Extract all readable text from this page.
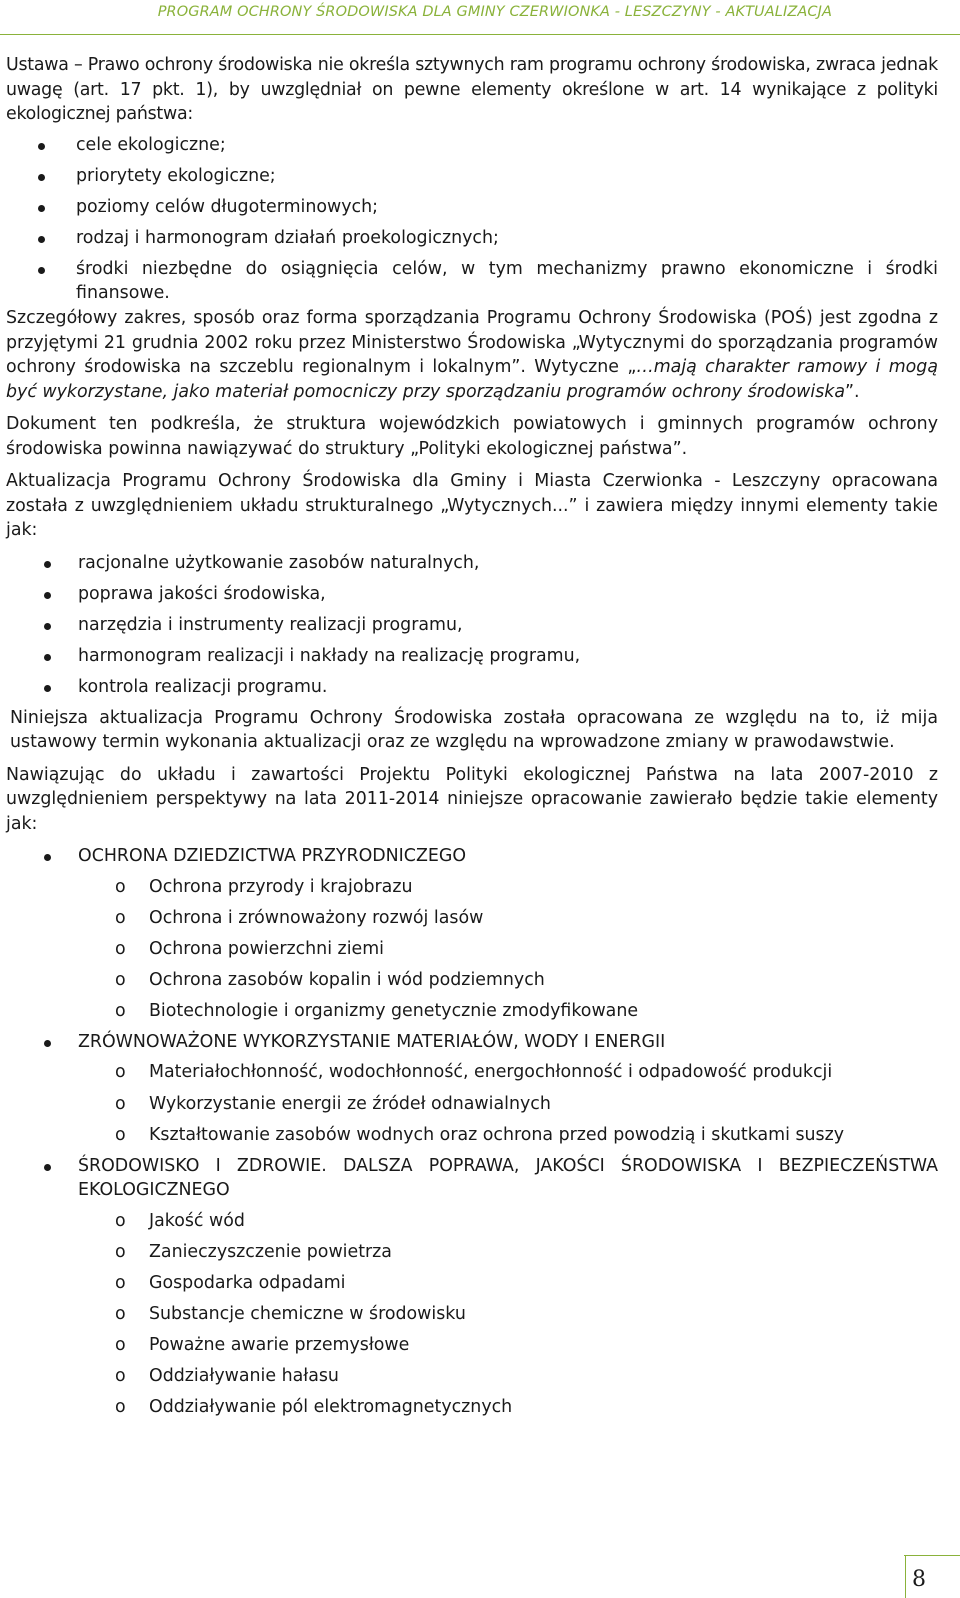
PROGRAM OCHRONY ŚRODOWISKA DLA GMINY CZERWIONKA - LESZCZYNY - AKTUALIZACJA

Ustawa – Prawo ochrony środowiska nie określa sztywnych ram programu ochrony środowiska, zwraca jednak uwagę (art. 17 pkt. 1), by uwzględniał on pewne elementy określone w art. 14 wynikające z polityki ekologicznej państwa:

cele ekologiczne;
priorytety ekologiczne;
poziomy celów długoterminowych;
rodzaj i harmonogram działań proekologicznych;
środki niezbędne do osiągnięcia celów, w tym mechanizmy prawno ekonomiczne i środki finansowe.

Szczegółowy zakres, sposób oraz forma sporządzania Programu Ochrony Środowiska (POŚ) jest zgodna z przyjętymi 21 grudnia 2002 roku przez Ministerstwo Środowiska „Wytycznymi do sporządzania programów ochrony środowiska na szczeblu regionalnym i lokalnym”. Wytyczne „…mają charakter ramowy i mogą być wykorzystane, jako materiał pomocniczy przy sporządzaniu programów ochrony środowiska”.

Dokument ten podkreśla, że struktura wojewódzkich powiatowych i gminnych programów ochrony środowiska powinna nawiązywać do struktury „Polityki ekologicznej państwa”.

Aktualizacja Programu Ochrony Środowiska dla Gminy i Miasta Czerwionka - Leszczyny opracowana została z uwzględnieniem układu strukturalnego „Wytycznych...” i zawiera między innymi elementy takie jak:

racjonalne użytkowanie zasobów naturalnych,
poprawa jakości środowiska,
narzędzia i instrumenty realizacji programu,
harmonogram realizacji i nakłady na realizację programu,
kontrola realizacji programu.

Niniejsza aktualizacja Programu Ochrony Środowiska została opracowana ze względu na to, iż mija ustawowy termin wykonania aktualizacji oraz ze względu na wprowadzone zmiany w prawodawstwie.

Nawiązując do układu i zawartości Projektu Polityki ekologicznej Państwa na lata 2007-2010 z uwzględnieniem perspektywy na lata 2011-2014 niniejsze opracowanie zawierało będzie takie elementy jak:

OCHRONA DZIEDZICTWA PRZYRODNICZEGO
o Ochrona przyrody i krajobrazu
o Ochrona i zrównoważony rozwój lasów
o Ochrona powierzchni ziemi
o Ochrona zasobów kopalin i wód podziemnych
o Biotechnologie i organizmy genetycznie zmodyfikowane
ZRÓWNOWAŻONE WYKORZYSTANIE MATERIAŁÓW, WODY I ENERGII
o Materiałochłonność, wodochłonność, energochłonność i odpadowość produkcji
o Wykorzystanie energii ze źródeł odnawialnych
o Kształtowanie zasobów wodnych oraz ochrona przed powodzią i skutkami suszy
ŚRODOWISKO I ZDROWIE. DALSZA POPRAWA, JAKOŚCI ŚRODOWISKA I BEZPIECZEŃSTWA EKOLOGICZNEGO
o Jakość wód
o Zanieczyszczenie powietrza
o Gospodarka odpadami
o Substancje chemiczne w środowisku
o Poważne awarie przemysłowe
o Oddziaływanie hałasu
o Oddziaływanie pól elektromagnetycznych
8
